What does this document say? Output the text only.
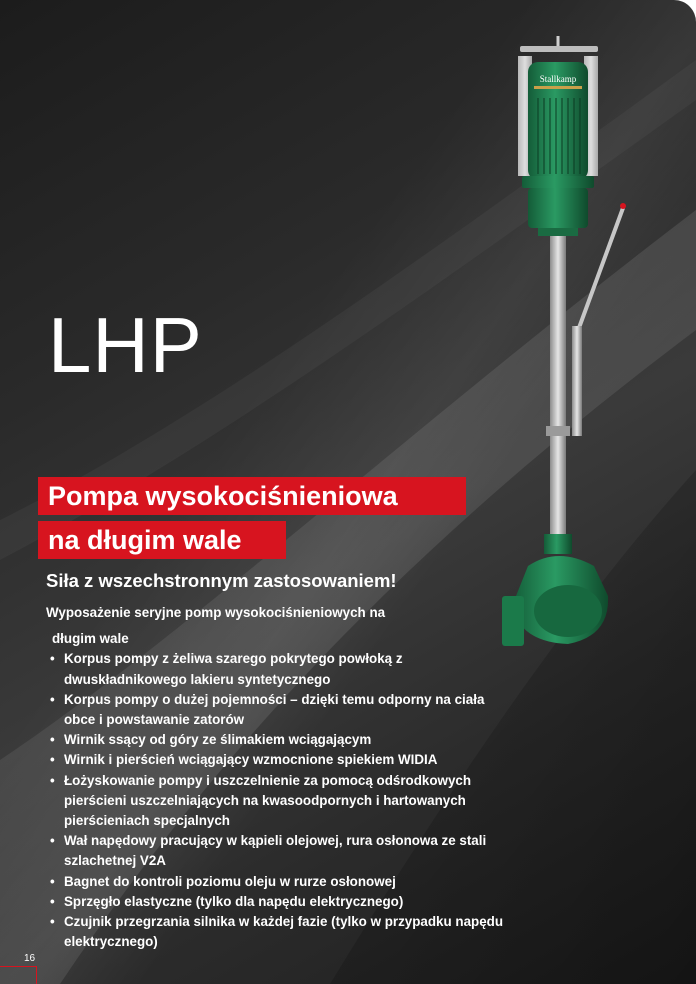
Stallkamp
LHP
Pompa wysokociśnieniowa
na długim wale

Siła z wszechstronnym zastosowaniem!

Wyposażenie seryjne pomp wysokociśnieniowych na
długim wale
• Korpus pompy z żeliwa szarego pokrytego powłoką z dwuskładnikowego lakieru syntetycznego
• Korpus pompy o dużej pojemności – dzięki temu odporny na ciała obce i powstawanie zatorów
• Wirnik ssący od góry ze ślimakiem wciągającym
• Wirnik i pierścień wciągający wzmocnione spiekiem WIDIA
• Łożyskowanie pompy i uszczelnienie za pomocą odśrodkowych pierścieni uszczelniających na kwasoodpornych i hartowanych pierścieniach specjalnych
• Wał napędowy pracujący w kąpieli olejowej, rura osłonowa ze stali szlachetnej V2A
• Bagnet do kontroli poziomu oleju w rurze osłonowej
• Sprzęgło elastyczne (tylko dla napędu elektrycznego)
• Czujnik przegrzania silnika w każdej fazie (tylko w przypadku napędu elektrycznego)
16
